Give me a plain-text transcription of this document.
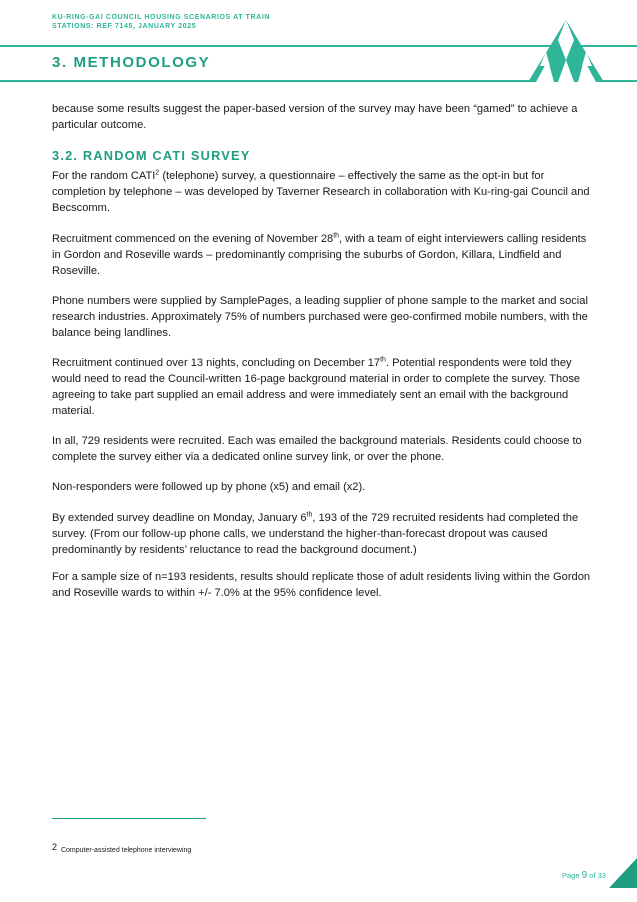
KU-RING-GAI COUNCIL HOUSING SCENARIOS AT TRAIN
STATIONS: REF 7145, JANUARY 2025
3. METHODOLOGY

because some results suggest the paper-based version of the survey may have been “gamed” to achieve a particular outcome.

3.2. RANDOM CATI SURVEY

For the random CATI$^2$ (telephone) survey, a questionnaire – effectively the same as the opt-in but for completion by telephone – was developed by Taverner Research in collaboration with Ku-ring-gai Council and Becscomm.

Recruitment commenced on the evening of November 28th, with a team of eight interviewers calling residents in Gordon and Roseville wards – predominantly comprising the suburbs of Gordon, Killara, Lindfield and Roseville.

Phone numbers were supplied by SamplePages, a leading supplier of phone sample to the market and social research industries. Approximately 75% of numbers purchased were geo-confirmed mobile numbers, with the balance being landlines.

Recruitment continued over 13 nights, concluding on December 17th. Potential respondents were told they would need to read the Council-written 16-page background material in order to complete the survey. Those agreeing to take part supplied an email address and were immediately sent an email with the background material.

In all, 729 residents were recruited. Each was emailed the background materials. Residents could choose to complete the survey either via a dedicated online survey link, or over the phone.

Non-responders were followed up by phone (x5) and email (x2).

By extended survey deadline on Monday, January 6th, 193 of the 729 recruited residents had completed the survey. (From our follow-up phone calls, we understand the higher-than-forecast dropout was caused predominantly by residents’ reluctance to read the background document.)

For a sample size of n=193 residents, results should replicate those of adult residents living within the Gordon and Roseville wards to within +/- 7.0% at the 95% confidence level.

2 Computer-assisted telephone interviewing
Page 9 of 33
